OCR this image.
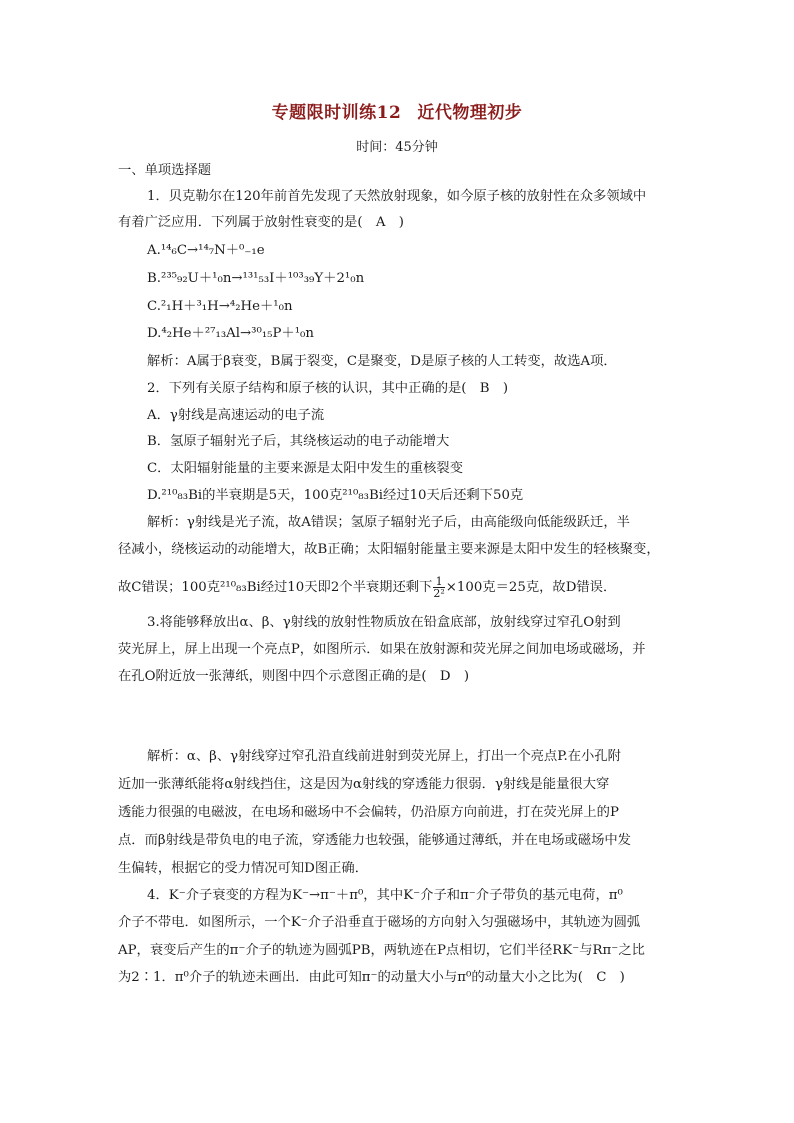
专题限时训练12 近代物理初步
时间：45分钟
一、单项选择题
1．贝克勒尔在120年前首先发现了天然放射现象，如今原子核的放射性在众多领域中
有着广泛应用．下列属于放射性衰变的是(　A　)
A.¹⁴₆C→¹⁴₇N＋⁰₋₁e
B.²³⁵₉₂U＋¹₀n→¹³¹₅₃I＋¹⁰³₃₉Y＋2¹₀n
C.²₁H＋³₁H→⁴₂He＋¹₀n
D.⁴₂He＋²⁷₁₃Al→³⁰₁₅P＋¹₀n
解析：A属于β衰变，B属于裂变，C是聚变，D是原子核的人工转变，故选A项．
2．下列有关原子结构和原子核的认识，其中正确的是(　B　)
A．γ射线是高速运动的电子流
B．氢原子辐射光子后，其绕核运动的电子动能增大
C．太阳辐射能量的主要来源是太阳中发生的重核裂变
D.²¹⁰₈₃Bi的半衰期是5天，100克²¹⁰₈₃Bi经过10天后还剩下50克
解析：γ射线是光子流，故A错误；氢原子辐射光子后，由高能级向低能级跃迁，半
径减小，绕核运动的动能增大，故B正确；太阳辐射能量主要来源是太阳中发生的轻核聚变，
故C错误；100克²¹⁰₈₃Bi经过10天即2个半衰期还剩下 $\frac{1}{\text{2²}} \times 100$克＝25克，故D错误．
3.将能够释放出α、β、γ射线的放射性物质放在铅盒底部，放射线穿过窄孔O射到
荧光屏上，屏上出现一个亮点P，如图所示．如果在放射源和荧光屏之间加电场或磁场，并
在孔O附近放一张薄纸，则图中四个示意图正确的是(　D　)
解析：α、β、γ射线穿过窄孔沿直线前进射到荧光屏上，打出一个亮点P.在小孔附
近加一张薄纸能将α射线挡住，这是因为α射线的穿透能力很弱．γ射线是能量很大穿
透能力很强的电磁波，在电场和磁场中不会偏转，仍沿原方向前进，打在荧光屏上的P
点．而β射线是带负电的电子流，穿透能力也较强，能够通过薄纸，并在电场或磁场中发
生偏转，根据它的受力情况可知D图正确．
4．K⁻介子衰变的方程为K⁻→π⁻＋π⁰，其中K⁻介子和π⁻介子带负的基元电荷，π⁰
介子不带电．如图所示，一个K⁻介子沿垂直于磁场的方向射入匀强磁场中，其轨迹为圆弧
AP，衰变后产生的π⁻介子的轨迹为圆弧PB，两轨迹在P点相切，它们半径RK⁻与Rπ⁻之比
为2∶1．π⁰介子的轨迹未画出．由此可知π⁻的动量大小与π⁰的动量大小之比为(　C　)
